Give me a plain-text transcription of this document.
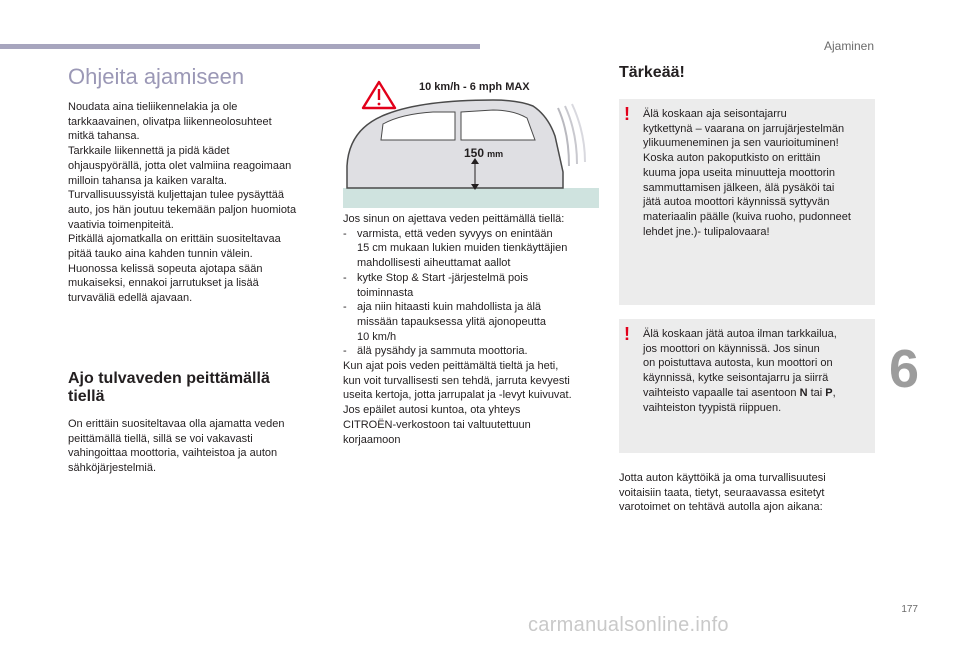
Ajaminen
6
Ohjeita ajamiseen

Noudata aina tieliikennelakia ja ole
tarkkaavainen, olivatpa liikenneolosuhteet
mitkä tahansa.
Tarkkaile liikennettä ja pidä kädet
ohjauspyörällä, jotta olet valmiina reagoimaan
milloin tahansa ja kaiken varalta.
Turvallisuussyistä kuljettajan tulee pysäyttää
auto, jos hän joutuu tekemään paljon huomiota
vaativia toimenpiteitä.
Pitkällä ajomatkalla on erittäin suositeltavaa
pitää tauko aina kahden tunnin välein.
Huonossa kelissä sopeuta ajotapa sään
mukaiseksi, ennakoi jarrutukset ja lisää
turvaväliä edellä ajavaan.

Ajo tulvaveden peittämällä
tiellä

On erittäin suositeltavaa olla ajamatta veden
peittämällä tiellä, sillä se voi vakavasti
vahingoittaa moottoria, vaihteistoa ja auton
sähköjärjestelmiä.

10 km/h - 6 mph MAX
150 mm
Jos sinun on ajettava veden peittämällä tiellä:
- varmista, että veden syvyys on enintään
15 cm mukaan lukien muiden tienkäyttäjien
mahdollisesti aiheuttamat aallot
- kytke Stop & Start -järjestelmä pois
toiminnasta
- aja niin hitaasti kuin mahdollista ja älä
missään tapauksessa ylitä ajonopeutta
10 km/h
- älä pysähdy ja sammuta moottoria.
Kun ajat pois veden peittämältä tieltä ja heti,
kun voit turvallisesti sen tehdä, jarruta kevyesti
useita kertoja, jotta jarrupalat ja -levyt kuivuvat.
Jos epäilet autosi kuntoa, ota yhteys
CITROËN-verkostoon tai valtuutettuun
korjaamoon
Tärkeää!
! Älä koskaan aja seisontajarru
kytkettynä – vaarana on jarrujärjestelmän
ylikuumeneminen ja sen vaurioituminen!
Koska auton pakoputkisto on erittäin
kuuma jopa useita minuutteja moottorin
sammuttamisen jälkeen, älä pysäköi tai
jätä autoa moottori käynnissä syttyvän
materiaalin päälle (kuiva ruoho, pudonneet
lehdet jne.)- tulipalovaara!
! Älä koskaan jätä autoa ilman tarkkailua,
jos moottori on käynnissä. Jos sinun
on poistuttava autosta, kun moottori on
käynnissä, kytke seisontajarru ja siirrä
vaihteisto vapaalle tai asentoon N tai P,
vaihteiston tyypistä riippuen.
Jotta auton käyttöikä ja oma turvallisuutesi
voitaisiin taata, tietyt, seuraavassa esitetyt
varotoimet on tehtävä autolla ajon aikana:
177
carmanualsonline.info
